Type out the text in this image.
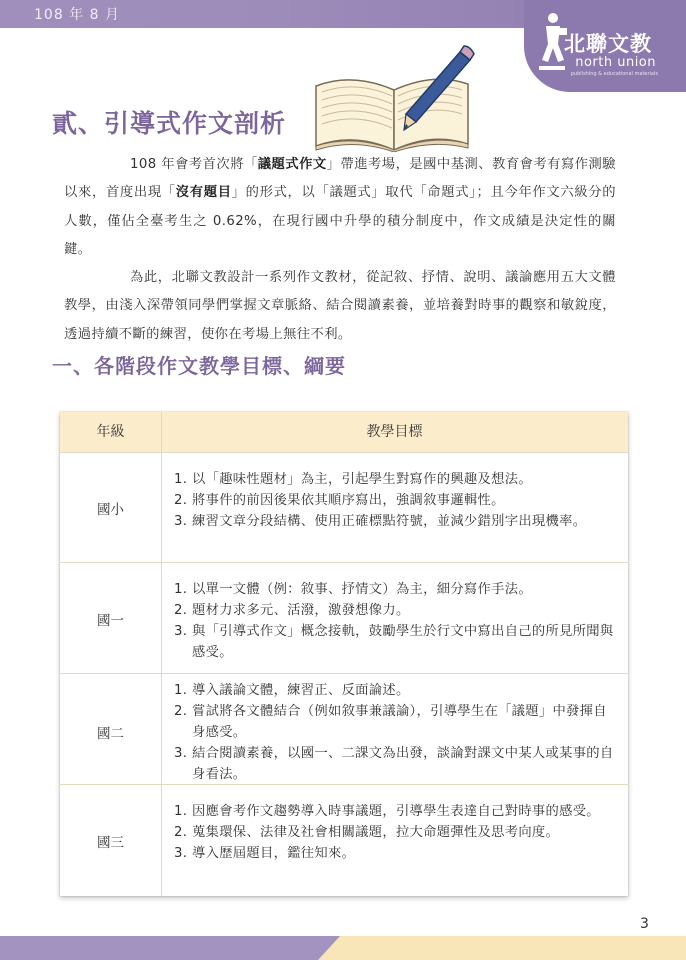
108 年 8 月
北聯文教
north union
publishing & educational materials
貳、引導式作文剖析

108 年會考首次將「議題式作文」帶進考場，是國中基測、教育會考有寫作測驗以來，首度出現「沒有題目」的形式，以「議題式」取代「命題式」；且今年作文六級分的人數，僅佔全臺考生之 0.62%，在現行國中升學的積分制度中，作文成績是決定性的關鍵。

為此，北聯文教設計一系列作文教材，從記敘、抒情、說明、議論應用五大文體教學，由淺入深帶領同學們掌握文章脈絡、結合閱讀素養，並培養對時事的觀察和敏銳度，透過持續不斷的練習，使你在考場上無往不利。

一、各階段作文教學目標、綱要
年級	教學目標
國小
1. 以「趣味性題材」為主，引起學生對寫作的興趣及想法。
2. 將事件的前因後果依其順序寫出，強調敘事邏輯性。
3. 練習文章分段結構、使用正確標點符號，並減少錯別字出現機率。
國一
1. 以單一文體（例：敘事、抒情文）為主，細分寫作手法。
2. 題材力求多元、活潑，激發想像力。
3. 與「引導式作文」概念接軌，鼓勵學生於行文中寫出自己的所見所聞與感受。
國二
1. 導入議論文體，練習正、反面論述。
2. 嘗試將各文體結合（例如敘事兼議論），引導學生在「議題」中發揮自身感受。
3. 結合閱讀素養，以國一、二課文為出發，談論對課文中某人或某事的自身看法。
國三
1. 因應會考作文趨勢導入時事議題，引導學生表達自己對時事的感受。
2. 蒐集環保、法律及社會相關議題，拉大命題彈性及思考向度。
3. 導入歷屆題目，鑑往知來。
3
